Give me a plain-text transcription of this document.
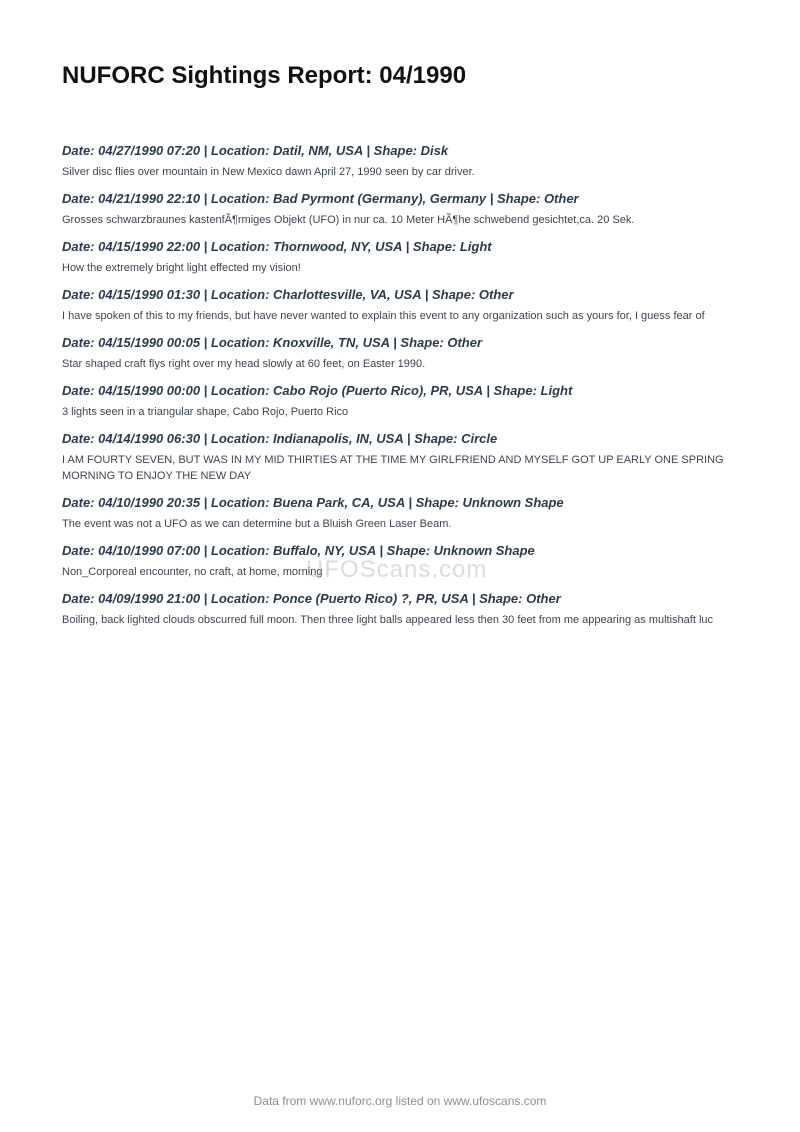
NUFORC Sightings Report: 04/1990
Date: 04/27/1990 07:20 | Location: Datil, NM, USA | Shape: Disk
Silver disc flies over mountain in New Mexico dawn April 27, 1990 seen by car driver.
Date: 04/21/1990 22:10 | Location: Bad Pyrmont (Germany), Germany | Shape: Other
Grosses schwarzbraunes kastenfÃ¶rmiges Objekt (UFO) in nur ca. 10 Meter HÃ¶he schwebend gesichtet,ca. 20 Sek.
Date: 04/15/1990 22:00 | Location: Thornwood, NY, USA | Shape: Light
How the extremely bright light effected my vision!
Date: 04/15/1990 01:30 | Location: Charlottesville, VA, USA | Shape: Other
I have spoken of this to my friends, but have never wanted to explain this event to any organization such as yours for, I guess fear of
Date: 04/15/1990 00:05 | Location: Knoxville, TN, USA | Shape: Other
Star shaped craft flys right over my head slowly at 60 feet, on Easter 1990.
Date: 04/15/1990 00:00 | Location: Cabo Rojo (Puerto Rico), PR, USA | Shape: Light
3 lights seen in a triangular shape, Cabo Rojo, Puerto Rico
Date: 04/14/1990 06:30 | Location: Indianapolis, IN, USA | Shape: Circle
I AM FOURTY SEVEN, BUT WAS IN MY MID THIRTIES AT THE TIME MY GIRLFRIEND AND MYSELF GOT UP EARLY ONE SPRING MORNING TO ENJOY THE NEW DAY
Date: 04/10/1990 20:35 | Location: Buena Park, CA, USA | Shape: Unknown Shape
The event was not a UFO as we can determine but a Bluish Green Laser Beam.
Date: 04/10/1990 07:00 | Location: Buffalo, NY, USA | Shape: Unknown Shape
Non_Corporeal encounter, no craft, at home, morning
Date: 04/09/1990 21:00 | Location: Ponce (Puerto Rico) ?, PR, USA | Shape: Other
Boiling, back lighted clouds obscurred full moon. Then three light balls appeared less then 30 feet from me appearing as multishaft luc
UFOScans.com
Data from www.nuforc.org listed on www.ufoscans.com
